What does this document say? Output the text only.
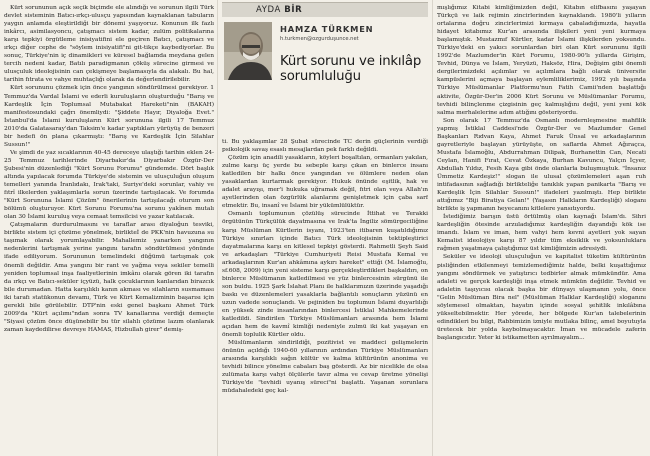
Kürt sorununun açık seçik biçimde ele alındığı ve sorunun ilgili Türk devlet sisteminin Batıcı-ırkçı-ulusçu yapısından kaynaklanan tabuların yaygın anlamda eleştirildiği bir dönemi yaşıyoruz. Konunun ilk fazlı inkârcı, asimilasyoncu, çatışmacı sistem kadar, zulüm politikalarına karşı tepkiyi örgütleme inisiyatifini ele geçiren Batıcı, çatışmacı ve ırkçı diğer cephe de "söylem inisiyatifi"ni git-tikçe kaybediyorlar. Bu sonuç, Türkiye'nin iç dinamikleri ve küresel bağlamda meydana gelen tercih nedeni kadar, Batılı paradigmanın çöküş sürecine girmesi ve ulusçuluk ideolojisinin can çekişmeye başlamasıyla da alakalı. Bu hal, tarihin fıtrata ve vahye muhtaçlığı olarak da değerlendirilebilir.

Kürt sorununu çözmek için önce yangının söndürülmesi gerekiyor. 1 Temmuz'da Vardal İslami ve ederli kuruluşların oluşturduğu "Barış ve Kardeşlik İçin Toplumsal Mutabakat Hareketi"nin (BAKAH) manifestosundaki çağrı önemliydi: "Şiddete Hayır, Diyaloğa Evet." İstanbul'da İslami kuruluşların Kürt sorununa ilgili 17 Temmuz 2010'da Galatasaray'dan Taksim'e kadar yaptıkları yürüyüş de benzeri bir hedefi ön plana çıkarmıştı: "Barış ve Kardeşlik İçin Silahlar Sussun!"

Ve şimdi de yaz sıcaklarının 40-45 dereceye ulaştığı tarihin eklen 24-25 Temmuz tarihlerinde Diyarbakır'da Diyarbakır Özgür-Der Şubesi'nin düzenlediği "Kürt Sorunu Forumu" gündemde. Dört başlık altında yapılacak forumda Türkiye'de sistemin ve ulusçuluğun oluşum temelleri yanında İranlıdakı, Irak'taki, Suriye'deki sorunlar, vahiy ve fıtrî ilkelerden yaklaşımlarla sorun üzerinde tartışılacak. Ve forumda "Kürt Sorununa İslami Çözüm" önerilerinin tartışılacağı oturum son bölümü oluşturuyor. Kürt Sorunu Forumu'na sorunu yakînen mutalı olan 30 İslami kuruluş veya cemaat temsilcisi ve yazar katılacak.

Çatışmaların durdurulmasını ve taraflar arası diyaloğun tesviki, birlikte sistem içi çözüme yönelmek, birlikteİ de PKK'nin havuzuna su taşımak olarak yorumlayabilir. Mahallemiz yanarken yangının nedenlerini tartışmak yerine yangını tarafın söndürülmesi yönünde ifade ediliyorum. Sorununun temelindeki düğümü tartışmak çok önemli değildir. Ama yangını bir rant ve yağma veya sekiler temelli yeniden toplumsal inşa faaliyetlerinin imkânı olarak gören iki tarafın da ırkçı ve Batıcı-seküler içyüzü, halk çocuklarının kanlarıdan birazcık bile durumadan. Hatta karşılıklı kanın akması ve silahların susmaması iki tarafı statükonun devamı, Türk ve Kürt Kemalizminin başarısı için gerekli bile görülebilir. DTP'nin eski genel başkanı Ahmet Türk 2009'da "Kürt açılımı"ndan sonra TV kanallarına verdiği demeçte "Siyasi çözüm önce düşünebilir bu tür silahlı çözüme lazım olanlarak zaman kaydedilirse devreye HAMAS, Hizbullah girer" demiş-

AYDA BİR
HAMZA TÜRKMEN
h.turkmen@ozgurduşunce.net
Kürt sorunu ve inkılâp sorumluluğu

ti. Bu yaklaşımlar 28 Şubat sürecinde TC derin güçlerinin verdiği psikolojik savaş esaslı mesajlardan pek farklı değildi.

Çözüm için anadili yasakların, köyleri boşaltılan, ormanları yakılan, zulme karşı üç yerde bu sebeple karşı çıkan en binlerce insanı katledilen bir halkı önce yangından ve ölümlere neden olan yasaklardan kurtarmak gerekiyor. Hukuk önünde eşitlik, hak ve adalet arayışı, mer'i hukuka uğramak değil, fıtri olan veya Allah'ın ayetlerinden olan özgürlük alanlarını genişletmek için çaba sarf etmektir. Bu, insanî ve İslami bir yükümlülüktür.

Osmanlı toplumunun çözülüş sürecinde İttihat ve Terakki örgütünün Türkçülük dayatmasına ve Irak'ta İngiliz sömürgeciliğine karşı Müslüman Kürtlerin isyanı, 1923'ten itibaren kuşatıldığımız Türkiye sınırları içinde Batıcı Türk ideolojisinin tektipleştirici dayatmalarına karşı en kitlesel tepkiyi gösterdi. Rahmetli Şeyh Said ve arkadaşları "Türkiye Cumhuriyeti Reisi Mustafa Kemal ve arkadaşlarının Kur'an ahkâmına aykırı hareket" ettiği (M. İslamoğlu, sf.608, 2009) için yeni sisteme karşı gerçekleştirdikleri başkaldırı, on binlerce Müslümanın katledilmesi ve yüz binlercesinin sürgünü ile son buldu. 1925 Şark İslahat Planı ile halklarımızın üzerinde yaşadığı baskı ve düzenlemeleri yasaklarla bağlantılı sonuçların yüzünü en uzun vadede sonuçlandı. Ve pejiniden bu toplumun İslami duyarlılığı en yüksek zinde insanlarından binlercesi İstiklal Mahkemelerinde katledildi. Sindirilen Türkiye Müslümanları arasında hem İslami açıdan hem de kavmî kimliği nedeniyle zulmü iki kat yaşayan en önemli toplulik Kürtler oldu.

Müslümanların sindirildiği, pozitivist ve maddeci gelişmelerin önünün açıldığı 1940-60 yıllarının ardından Türkiye Müslümanları arasında karşılıklı sağın kültür ve kalma kültürünün anonima ve tevhidi bilince yönelme cabaları baş gösterdi. Az bir nicelikle de olsa zulümata karşı vahyi ölçülerle tavır alma ve cevap üretme yönelişi Türkiye'de "tevhidi uyanış süreci"ni başlattı. Yaşanan sorunlara müdahaledeki geç kal-

mışlığımız Kitabi kimliğimizden değil, Kitabın elifbasını yaşayan Türkçü ve laik rejimin zincirlerinden kaynaklandı. 1980'li yılların ortalarına doğru zincirlerimizi kırmaya çabaladığımızda, hayatla hidayet kitabımız Kur'an arasında ilişkileri yeni yeni kurmaya başlamıştık. Mustazmıf Kürtler, kadar İslami ilişkilerden yoksundu. Türkiye'deki en yakıcı sorunlardan biri olan Kürt sorununu ilgili 1992'de Mazlumder'in Kürt Forumu, 1980-90'lı yıllarda Girişim, Tevhid, Dünya ve İslam, Yeryüzü, Haksöz, Hira, Değişim gibi önemli dergilerimizdeki açılımlar ve açılımlara bağlı olarak üniversite kampüslerini açmaya başlayan eylemliliklerimiz, 1992 yılı başında Türkiye Müslümanlar Platformu'nun Fatih Camii'nden başlattığı aktivite, Özgür-Der'in 2006 Kürt Sorunu ve Müslümanlar Forumu, tevhidi bilinçlenme çizgisinin geç kalmışlığını değil, yeni yeni kök salma merhalelerine adım attığını gösteriyordu.

Son olarak 17 Temmuz'da Osmanlı modernleşmesine mahfilik yapmış İstiklal Caddesi'nde Özgür-Der ve Mazlumder Genel Başkanları Rıdvan Kaya, Ahmet Faruk Ünsal ve arkadaşlarının gayretleriyle başlayan yürüyüşte, on saflarda Ahmet Ağıraçca, Mustafa İslamoğlu, Abdurrahman Dilipak, Burhanettin Can, Necati Ceylan, Hanifi Fırat, Cevat Özkaya, Burhan Kavuncu, Yalçın İçyer, Abdullah Yıldız, Fesih Kaya gibi önde olanlarla buluşmuştuk. "İnsanız Ümmetiz Kardeşiz!" slogan ile ulusal çözümlemeleri aşan ruh intifadasının sağladığı birlikteliğe tanıklık yapan panikarta "Barış ve Kardeşlik İçin Silahlar Sussun!" ifadeleri yazılmıştı. Hep birlikte attığımız "Biji Biratiya Gelan!" (Yaşasın Halkların Kardeşliği) sloganı birlikte iş yapmanın heyecanını kitlelere yansıtıyordu.

İstediğimiz barışın üstü örtülmüş olan kaynağı İslam'dı. Sihri kardeşliğin ötesinde arzuladığımız kardeşliğin dayandığı kök ise imandı. İslam ve iman, hem vahyi hem kevni ayetleri yok sayan Kemalist ideolojiye karşı 87 yıldır tüm eksiklik ve yoksunluklara rağmen yaşatmaya çalıştığımız üst kimliğimizin adresiydi.

Seküler ve ideoloji ulusçuluğun ve kapitalist tüketim kültürünün pisliğinden etkilenmeyi temizlemediğimiz halde, belki kuşattığımız yangını söndürmek ve yatıştırıcı tedbirler almak mümkündür. Ama adaleti ve gerçek kardeşliği inşa etmek mümkün değildir. Tevhid ve adaletin taşıyıcısı olacak başka bir dünyayı ulaşmanın yolu, önce "Gelin Müslüman Bira nel" (Müslüman Halklar Kardeşliği) sloganını söylemesel olmaktan, hayatın içinde sosyal şehitlik inkılâbına yükseltebilmektir. Her yörede, her bölgede Kur'an talebelerinin edindikleri bu bilgi, Rabbimizin izniyle mutlaka bilinç, amel boyutuyla üretecek bir yolda kaybolmayacaktır. İman ve mücadele zaferin başlangıcıdır. Yeter ki istikametten ayrılmayalım...
